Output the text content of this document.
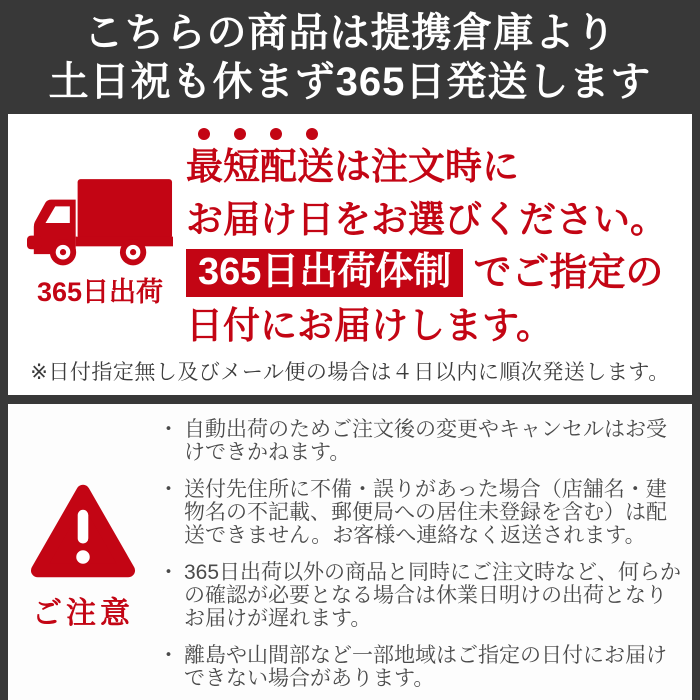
こちらの商品は提携倉庫より
土日祝も休まず365日発送します
365日出荷
最短配送は注文時に
お届け日をお選びください。
365日出荷体制 でご指定の
日付にお届けします。
※日付指定無し及びメール便の場合は４日以内に順次発送します。
ご注意
・ 自動出荷のためご注文後の変更やキャンセルはお受けできかねます。
・ 送付先住所に不備・誤りがあった場合（店舗名・建物名の不記載、郵便局への居住未登録を含む）は配送できません。お客様へ連絡なく返送されます。
・ 365日出荷以外の商品と同時にご注文時など、何らかの確認が必要となる場合は休業日明けの出荷となりお届けが遅れます。
・ 離島や山間部など一部地域はご指定の日付にお届けできない場合があります。
